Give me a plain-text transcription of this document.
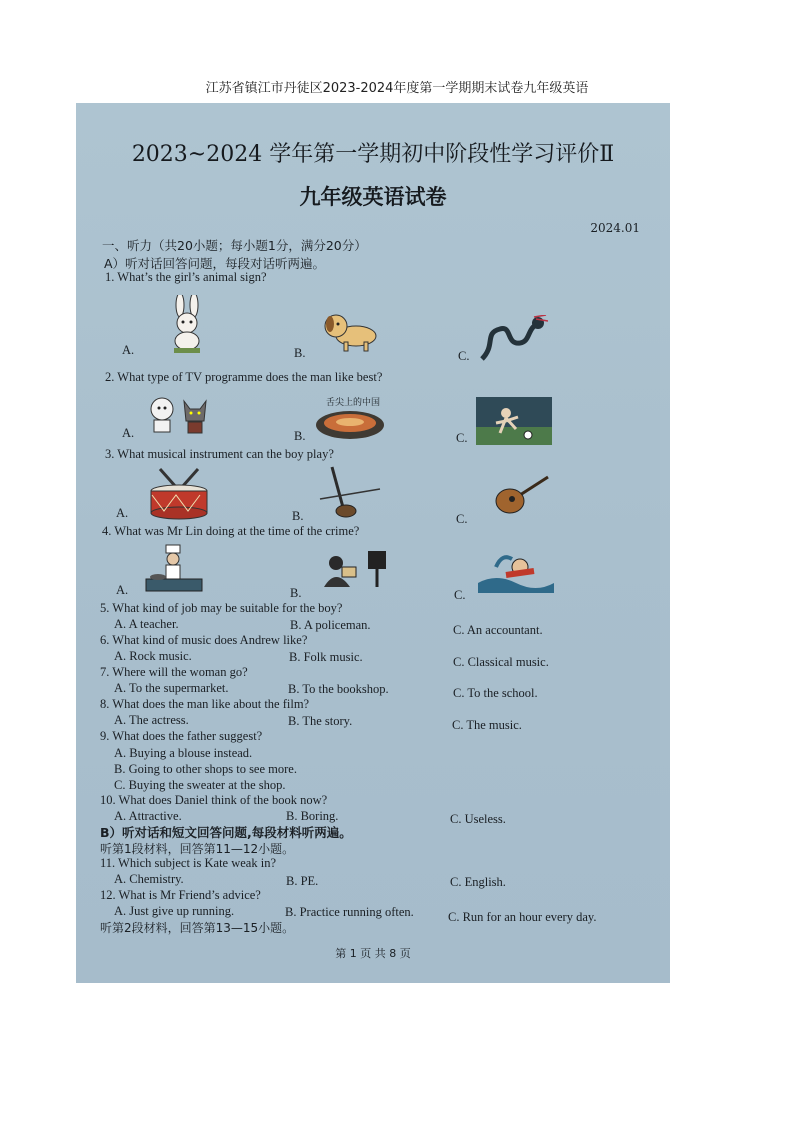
江苏省镇江市丹徒区2023-2024年度第一学期期末试卷九年级英语
2023~2024 学年第一学期初中阶段性学习评价Ⅱ
九年级英语试卷
2024.01
一、听力（共20小题；每小题1分，满分20分）
A）听对话回答问题，每段对话听两遍。
1. What’s the girl’s animal sign?
A.	B.	C.
2. What type of TV programme does the man like best?
A.	B.
舌尖上的中国
C.
3. What musical instrument can the boy play?
A.	B.	C.
4. What was Mr Lin doing at the time of the crime?
A.	B.	C.
5. What kind of job may be suitable for the boy?
A. A teacher.	B. A policeman.	C. An accountant.
6. What kind of music does Andrew like?
A. Rock music.	B. Folk music.	C. Classical music.
7. Where will the woman go?
A. To the supermarket.	B. To the bookshop.	C. To the school.
8. What does the man like about the film?
A. The actress.	B. The story.	C. The music.
9. What does the father suggest?
A. Buying a blouse instead.
B. Going to other shops to see more.
C. Buying the sweater at the shop.
10. What does Daniel think of the book now?
A. Attractive.	B. Boring.	C. Useless.
B）听对话和短文回答问题,每段材料听两遍。
听第1段材料，回答第11—12小题。
11. Which subject is Kate weak in?
A. Chemistry.	B. PE.	C. English.
12. What is Mr Friend’s advice?
A. Just give up running.	B. Practice running often.	C. Run for an hour every day.
听第2段材料，回答第13—15小题。
第 1 页 共 8 页
